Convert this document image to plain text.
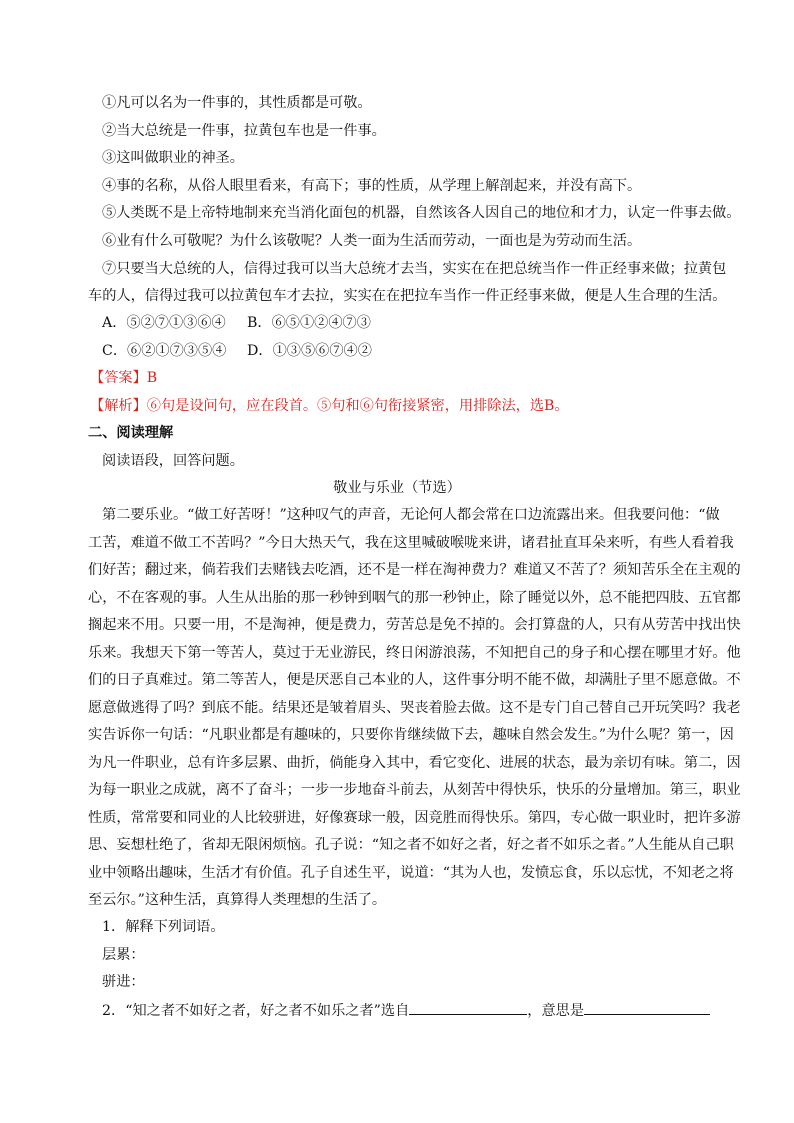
①凡可以名为一件事的，其性质都是可敬。
②当大总统是一件事，拉黄包车也是一件事。
③这叫做职业的神圣。
④事的名称，从俗人眼里看来，有高下；事的性质，从学理上解剖起来，并没有高下。
⑤人类既不是上帝特地制来充当消化面包的机器，自然该各人因自己的地位和才力，认定一件事去做。
⑥业有什么可敬呢？为什么该敬呢？人类一面为生活而劳动，一面也是为劳动而生活。
⑦只要当大总统的人，信得过我可以当大总统才去当，实实在在把总统当作一件正经事来做；拉黄包
车的人，信得过我可以拉黄包车才去拉，实实在在把拉车当作一件正经事来做，便是人生合理的生活。
A．⑤②⑦①③⑥④	B．⑥⑤①②④⑦③
C．⑥②①⑦③⑤④	D．①③⑤⑥⑦④②
【答案】B
【解析】⑥句是设问句，应在段首。⑤句和⑥句衔接紧密，用排除法，选B。
二、阅读理解
阅读语段，回答问题。
敬业与乐业（节选）
第二要乐业。“做工好苦呀！”这种叹气的声音，无论何人都会常在口边流露出来。但我要问他：“做
工苦，难道不做工不苦吗？”今日大热天气，我在这里喊破喉咙来讲，诸君扯直耳朵来听，有些人看着我
们好苦；翻过来，倘若我们去赌钱去吃酒，还不是一样在淘神费力？难道又不苦了？须知苦乐全在主观的
心，不在客观的事。人生从出胎的那一秒钟到咽气的那一秒钟止，除了睡觉以外，总不能把四肢、五官都
搁起来不用。只要一用，不是淘神，便是费力，劳苦总是免不掉的。会打算盘的人，只有从劳苦中找出快
乐来。我想天下第一等苦人，莫过于无业游民，终日闲游浪荡，不知把自己的身子和心摆在哪里才好。他
们的日子真难过。第二等苦人，便是厌恶自己本业的人，这件事分明不能不做，却满肚子里不愿意做。不
愿意做逃得了吗？到底不能。结果还是皱着眉头、哭丧着脸去做。这不是专门自己替自己开玩笑吗？我老
实告诉你一句话：“凡职业都是有趣味的，只要你肯继续做下去，趣味自然会发生。”为什么呢？第一，因
为凡一件职业，总有许多层累、曲折，倘能身入其中，看它变化、进展的状态，最为亲切有味。第二，因
为每一职业之成就，离不了奋斗；一步一步地奋斗前去，从刻苦中得快乐，快乐的分量增加。第三，职业
性质，常常要和同业的人比较骈进，好像赛球一般，因竞胜而得快乐。第四，专心做一职业时，把许多游
思、妄想杜绝了，省却无限闲烦恼。孔子说：“知之者不如好之者，好之者不如乐之者。”人生能从自己职
业中领略出趣味，生活才有价值。孔子自述生平，说道：“其为人也，发愤忘食，乐以忘忧，不知老之将
至云尔。”这种生活，真算得人类理想的生活了。
1．解释下列词语。
层累：
骈进：
2．“知之者不如好之者，好之者不如乐之者”选自	，意思是
